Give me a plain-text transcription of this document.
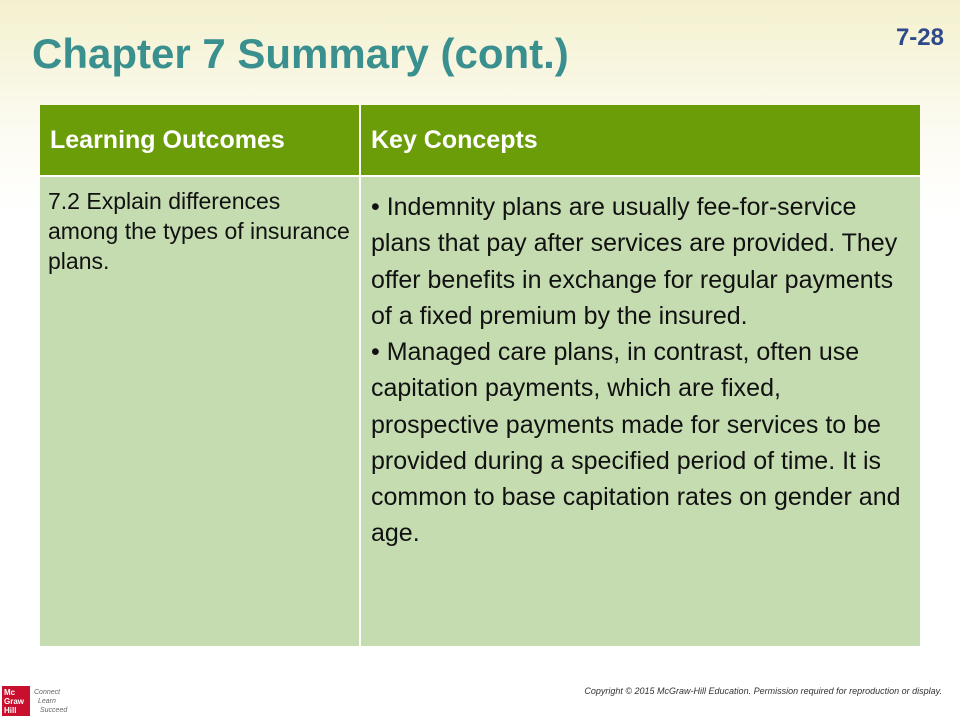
Chapter 7 Summary (cont.)	7-28
Learning Outcomes	Key Concepts
7.2 Explain differences among the types of insurance plans.	• Indemnity plans are usually fee-for-service plans that pay after services are provided. They offer benefits in exchange for regular payments of a fixed premium by the insured.

• Managed care plans, in contrast, often use capitation payments, which are fixed, prospective payments made for services to be provided during a specified period of time. It is common to base capitation rates on gender and age.

Mc
Graw
Hill
Connect
Learn
Succeed
Copyright © 2015 McGraw-Hill Education. Permission required for reproduction or display.
